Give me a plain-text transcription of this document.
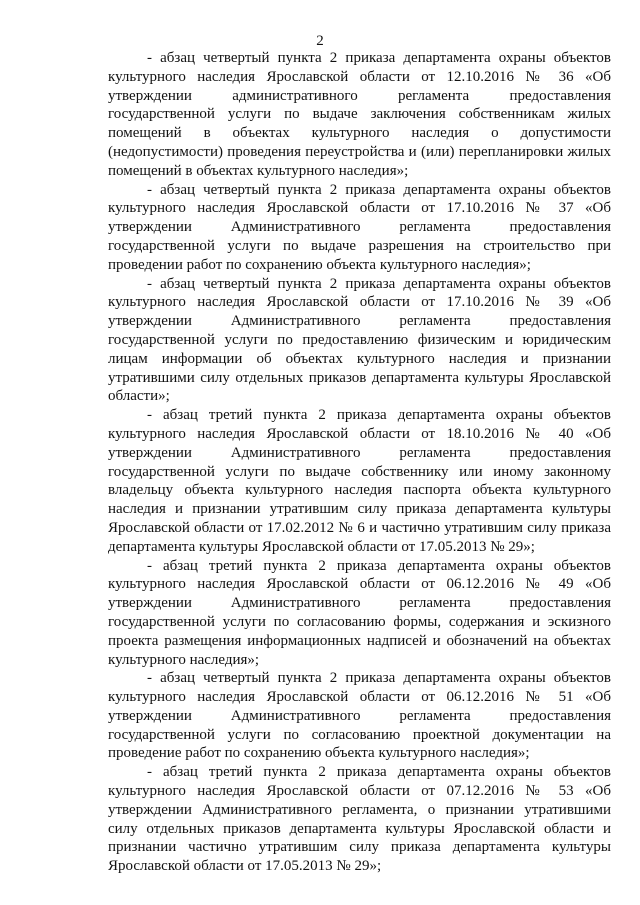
2

- абзац четвертый пункта 2 приказа департамента охраны объектов культурного наследия Ярославской области от 12.10.2016 № 36 «Об утверждении административного регламента предоставления государственной услуги по выдаче заключения собственникам жилых помещений в объектах культурного наследия о допустимости (недопустимости) проведения переустройства и (или) перепланировки жилых помещений в объектах культурного наследия»;

- абзац четвертый пункта 2 приказа департамента охраны объектов культурного наследия Ярославской области от 17.10.2016 № 37 «Об утверждении Административного регламента предоставления государственной услуги по выдаче разрешения на строительство при проведении работ по сохранению объекта культурного наследия»;

- абзац четвертый пункта 2 приказа департамента охраны объектов культурного наследия Ярославской области от 17.10.2016 № 39 «Об утверждении Административного регламента предоставления государственной услуги по предоставлению физическим и юридическим лицам информации об объектах культурного наследия и признании утратившими силу отдельных приказов департамента культуры Ярославской области»;

- абзац третий пункта 2 приказа департамента охраны объектов культурного наследия Ярославской области от 18.10.2016 № 40 «Об утверждении Административного регламента предоставления государственной услуги по выдаче собственнику или иному законному владельцу объекта культурного наследия паспорта объекта культурного наследия и признании утратившим силу приказа департамента культуры Ярославской области от 17.02.2012 № 6 и частично утратившим силу приказа департамента культуры Ярославской области от 17.05.2013 № 29»;

- абзац третий пункта 2 приказа департамента охраны объектов культурного наследия Ярославской области от 06.12.2016 № 49 «Об утверждении Административного регламента предоставления государственной услуги по согласованию формы, содержания и эскизного проекта размещения информационных надписей и обозначений на объектах культурного наследия»;

- абзац четвертый пункта 2 приказа департамента охраны объектов культурного наследия Ярославской области от 06.12.2016 № 51 «Об утверждении Административного регламента предоставления государственной услуги по согласованию проектной документации на проведение работ по сохранению объекта культурного наследия»;

- абзац третий пункта 2 приказа департамента охраны объектов культурного наследия Ярославской области от 07.12.2016 № 53 «Об утверждении Административного регламента, о признании утратившими силу отдельных приказов департамента культуры Ярославской области и признании частично утратившим силу приказа департамента культуры Ярославской области от 17.05.2013 № 29»;
